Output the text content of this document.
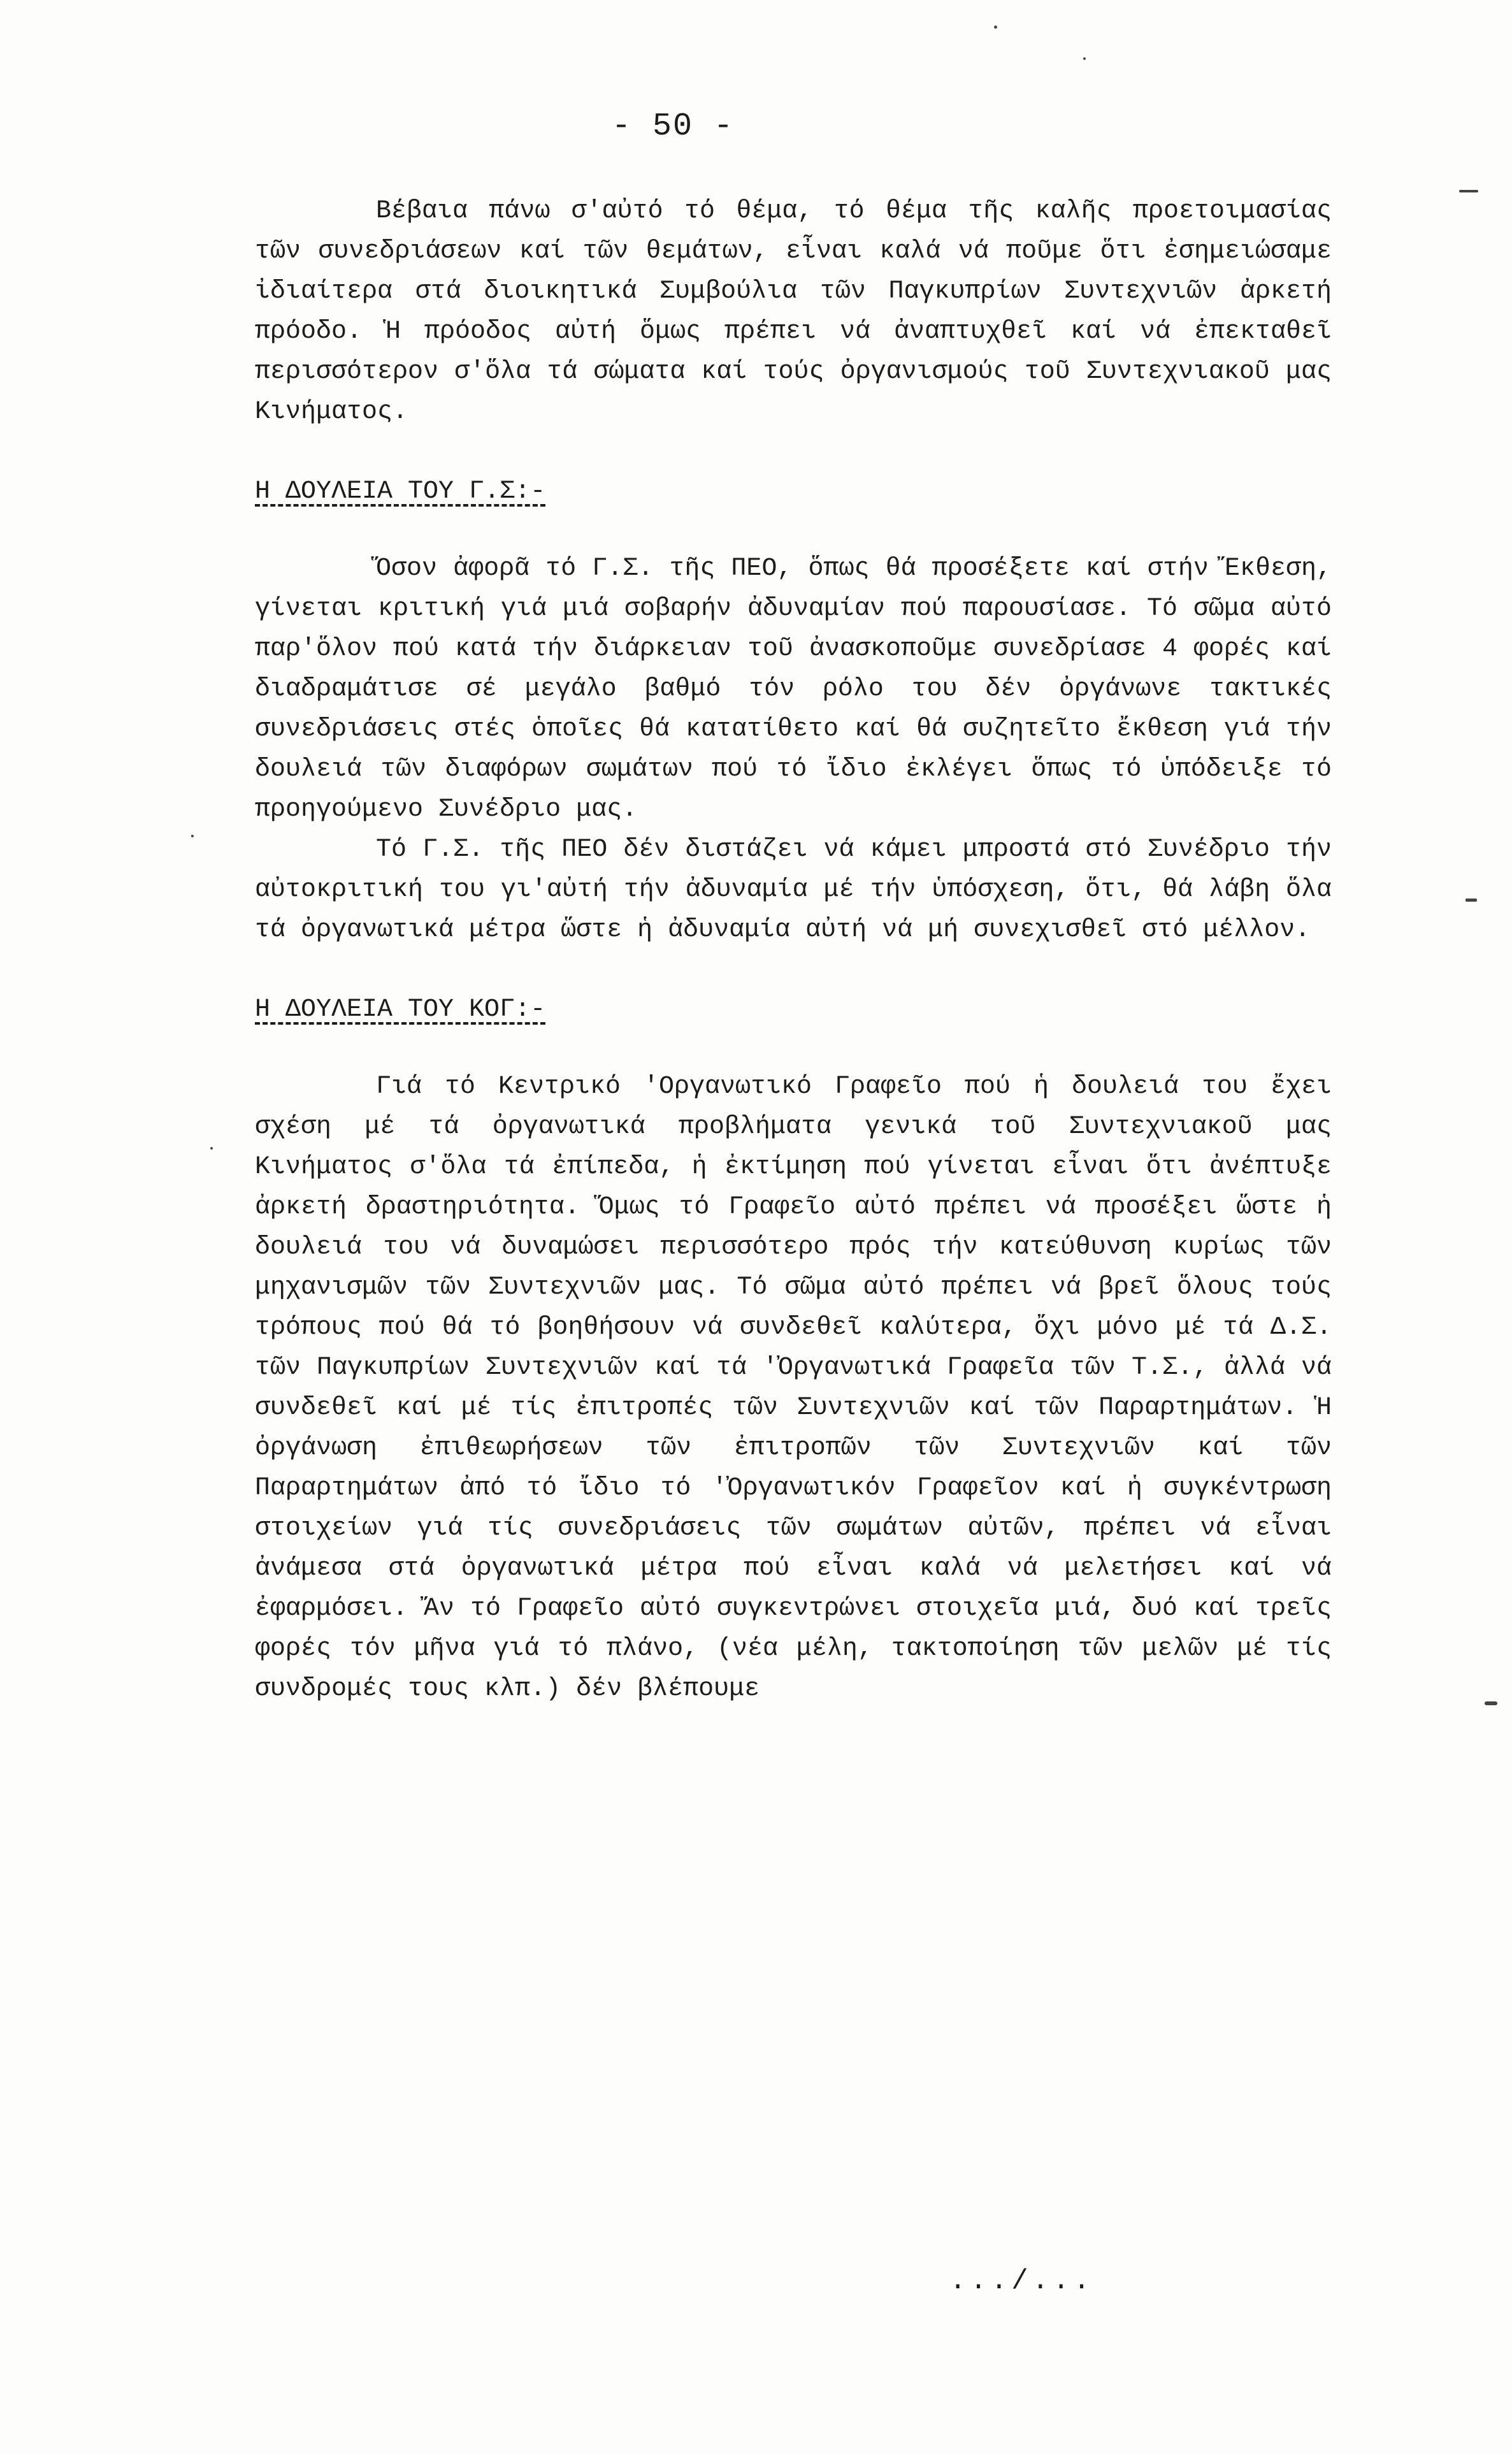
- 50 -

Βέβαια πάνω σ'αὐτό τό θέμα, τό θέμα τῆς καλῆς προετοιμασίας τῶν συνεδριάσεων καί τῶν θεμάτων, εἶναι καλά νά ποῦμε ὅτι ἐσημειώσαμε ἰδιαίτερα στά διοικητικά Συμβούλια τῶν Παγκυπρίων Συντεχνιῶν ἀρκετή πρόοδο. Ἡ πρόοδος αὐτή ὅμως πρέπει νά ἀναπτυχθεῖ καί νά ἐπεκταθεῖ περισσότερον σ'ὅλα τά σώματα καί τούς ὀργανισμούς τοῦ Συντεχνιακοῦ μας Κινήματος.

Η ΔΟΥΛΕΙΑ ΤΟΥ Γ.Σ:-

Ὅσον ἀφορᾶ τό Γ.Σ. τῆς ΠΕΟ, ὅπως θά προσέξετε καί στήν Ἔκθεση, γίνεται κριτική γιά μιά σοβαρήν ἀδυναμίαν πού παρουσίασε. Τό σῶμα αὐτό παρ'ὅλον πού κατά τήν διάρκειαν τοῦ ἀνασκοποῦμε συνεδρίασε 4 φορές καί διαδραμάτισε σέ μεγάλο βαθμό τόν ρόλο του δέν ὀργάνωνε τακτικές συνεδριάσεις στές ὁποῖες θά κατατίθετο καί θά συζητεῖτο ἔκθεση γιά τήν δουλειά τῶν διαφόρων σωμάτων πού τό ἴδιο ἐκλέγει ὅπως τό ὑπόδειξε τό προηγούμενο Συνέδριο μας.

Τό Γ.Σ. τῆς ΠΕΟ δέν διστάζει νά κάμει μπροστά στό Συνέδριο τήν αὐτοκριτική του γι'αὐτή τήν ἀδυναμία μέ τήν ὑπόσχεση, ὅτι, θά λάβη ὅλα τά ὀργανωτικά μέτρα ὥστε ἡ ἀδυναμία αὐτή νά μή συνεχισθεῖ στό μέλλον.

Η ΔΟΥΛΕΙΑ ΤΟΥ ΚΟΓ:-

Γιά τό Κεντρικό 'Οργανωτικό Γραφεῖο πού ἡ δουλειά του ἔχει σχέση μέ τά ὀργανωτικά προβλήματα γενικά τοῦ Συντεχνιακοῦ μας Κινήματος σ'ὅλα τά ἐπίπεδα, ἡ ἐκτίμηση πού γίνεται εἶναι ὅτι ἀνέπτυξε ἀρκετή δραστηριότητα. Ὅμως τό Γραφεῖο αὐτό πρέπει νά προσέξει ὥστε ἡ δουλειά του νά δυναμώσει περισσότερο πρός τήν κατεύθυνση κυρίως τῶν μηχανισμῶν τῶν Συντεχνιῶν μας. Τό σῶμα αὐτό πρέπει νά βρεῖ ὅλους τούς τρόπους πού θά τό βοηθήσουν νά συνδεθεῖ καλύτερα, ὄχι μόνο μέ τά Δ.Σ. τῶν Παγκυπρίων Συντεχνιῶν καί τά 'Ὀργανωτικά Γραφεῖα τῶν Τ.Σ., ἀλλά νά συνδεθεῖ καί μέ τίς ἐπιτροπές τῶν Συντεχνιῶν καί τῶν Παραρτημάτων. Ἡ ὀργάνωση ἐπιθεωρήσεων τῶν ἐπιτροπῶν τῶν Συντεχνιῶν καί τῶν Παραρτημάτων ἀπό τό ἴδιο τό 'Ὀργανωτικόν Γραφεῖον καί ἡ συγκέντρωση στοιχείων γιά τίς συνεδριάσεις τῶν σωμάτων αὐτῶν, πρέπει νά εἶναι ἀνάμεσα στά ὀργανωτικά μέτρα πού εἶναι καλά νά μελετήσει καί νά ἐφαρμόσει. Ἄν τό Γραφεῖο αὐτό συγκεντρώνει στοιχεῖα μιά, δυό καί τρεῖς φορές τόν μῆνα γιά τό πλάνο, (νέα μέλη, τακτοποίηση τῶν μελῶν μέ τίς συνδρομές τους κλπ.) δέν βλέπουμε

.../...
